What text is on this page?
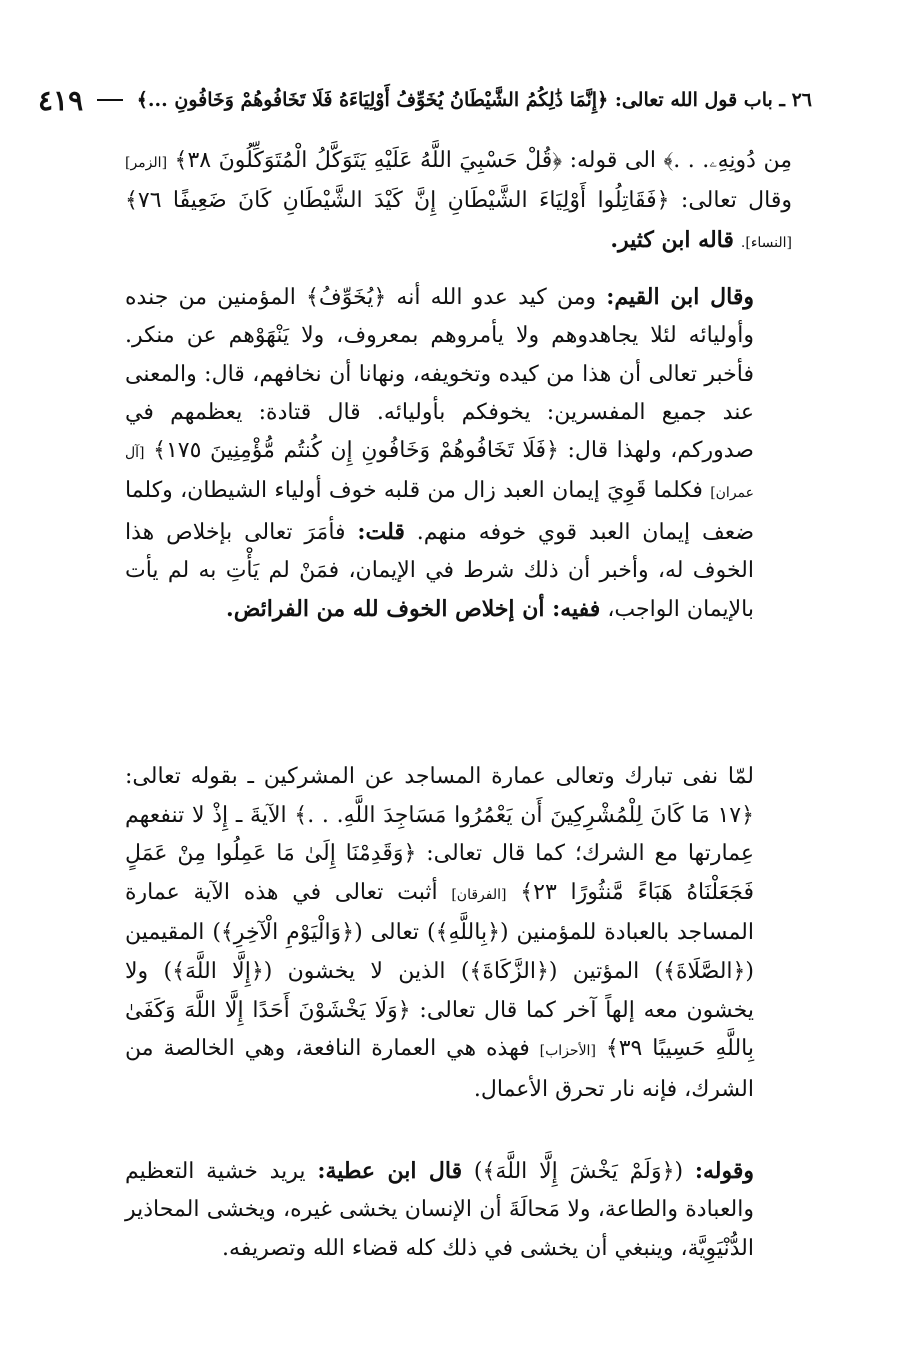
٢٦ ـ باب قول الله تعالى: ﴿إِنَّمَا ذَٰلِكُمُ الشَّيْطَانُ يُخَوِّفُ أَوْلِيَاءَهُ فَلَا تَخَافُوهُمْ وَخَافُونِ ...﴾
٤١٩

مِن دُونِهِۦ. . .﴾ الى قوله: ﴿قُلْ حَسْبِيَ اللَّهُ عَلَيْهِ يَتَوَكَّلُ الْمُتَوَكِّلُونَ ٣٨﴾ [الزمر] وقال تعالى: ﴿فَقَاتِلُوا أَوْلِيَاءَ الشَّيْطَانِ إِنَّ كَيْدَ الشَّيْطَانِ كَانَ ضَعِيفًا ٧٦﴾ [النساء]. قاله ابن كثير.

وقال ابن القيم: ومن كيد عدو الله أنه ﴿يُخَوِّفُ﴾ المؤمنين من جنده وأوليائه لئلا يجاهدوهم ولا يأمروهم بمعروف، ولا يَنْهَوْهم عن منكر. فأخبر تعالى أن هذا من كيده وتخويفه، ونهانا أن نخافهم، قال: والمعنى عند جميع المفسرين: يخوفكم بأوليائه. قال قتادة: يعظمهم في صدوركم، ولهذا قال: ﴿فَلَا تَخَافُوهُمْ وَخَافُونِ إِن كُنتُم مُّؤْمِنِينَ ١٧٥﴾ [آل عمران] فكلما قَوِيَ إيمان العبد زال من قلبه خوف أولياء الشيطان، وكلما ضعف إيمان العبد قوي خوفه منهم. قلت: فأمَرَ تعالى بإخلاص هذا الخوف له، وأخبر أن ذلك شرط في الإيمان، فمَنْ لم يَأْتِ به لم يأت بالإيمان الواجب، ففيه: أن إخلاص الخوف لله من الفرائض.

لمّا نفى تبارك وتعالى عمارة المساجد عن المشركين ـ بقوله تعالى: ﴿١٧ مَا كَانَ لِلْمُشْرِكِينَ أَن يَعْمُرُوا مَسَاجِدَ اللَّهِ. . .﴾ الآيةَ ـ إِذْ لا تنفعهم عِمارتها مع الشرك؛ كما قال تعالى: ﴿وَقَدِمْنَا إِلَىٰ مَا عَمِلُوا مِنْ عَمَلٍ فَجَعَلْنَاهُ هَبَاءً مَّنثُورًا ٢٣﴾ [الفرقان] أثبت تعالى في هذه الآية عمارة المساجد بالعبادة للمؤمنين (﴿بِاللَّهِ﴾) تعالى (﴿وَالْيَوْمِ الْآخِرِ﴾) المقيمين (﴿الصَّلَاةَ﴾) المؤتين (﴿الزَّكَاةَ﴾) الذين لا يخشون (﴿إِلَّا اللَّهَ﴾) ولا يخشون معه إلهاً آخر كما قال تعالى: ﴿وَلَا يَخْشَوْنَ أَحَدًا إِلَّا اللَّهَ وَكَفَىٰ بِاللَّهِ حَسِيبًا ٣٩﴾ [الأحزاب] فهذه هي العمارة النافعة، وهي الخالصة من الشرك، فإنه نار تحرق الأعمال.

وقوله: (﴿وَلَمْ يَخْشَ إِلَّا اللَّهَ﴾) قال ابن عطية: يريد خشية التعظيم والعبادة والطاعة، ولا مَحالَةَ أن الإنسان يخشى غيره، ويخشى المحاذير الدُّنْيَوِيَّة، وينبغي أن يخشى في ذلك كله قضاء الله وتصريفه.
